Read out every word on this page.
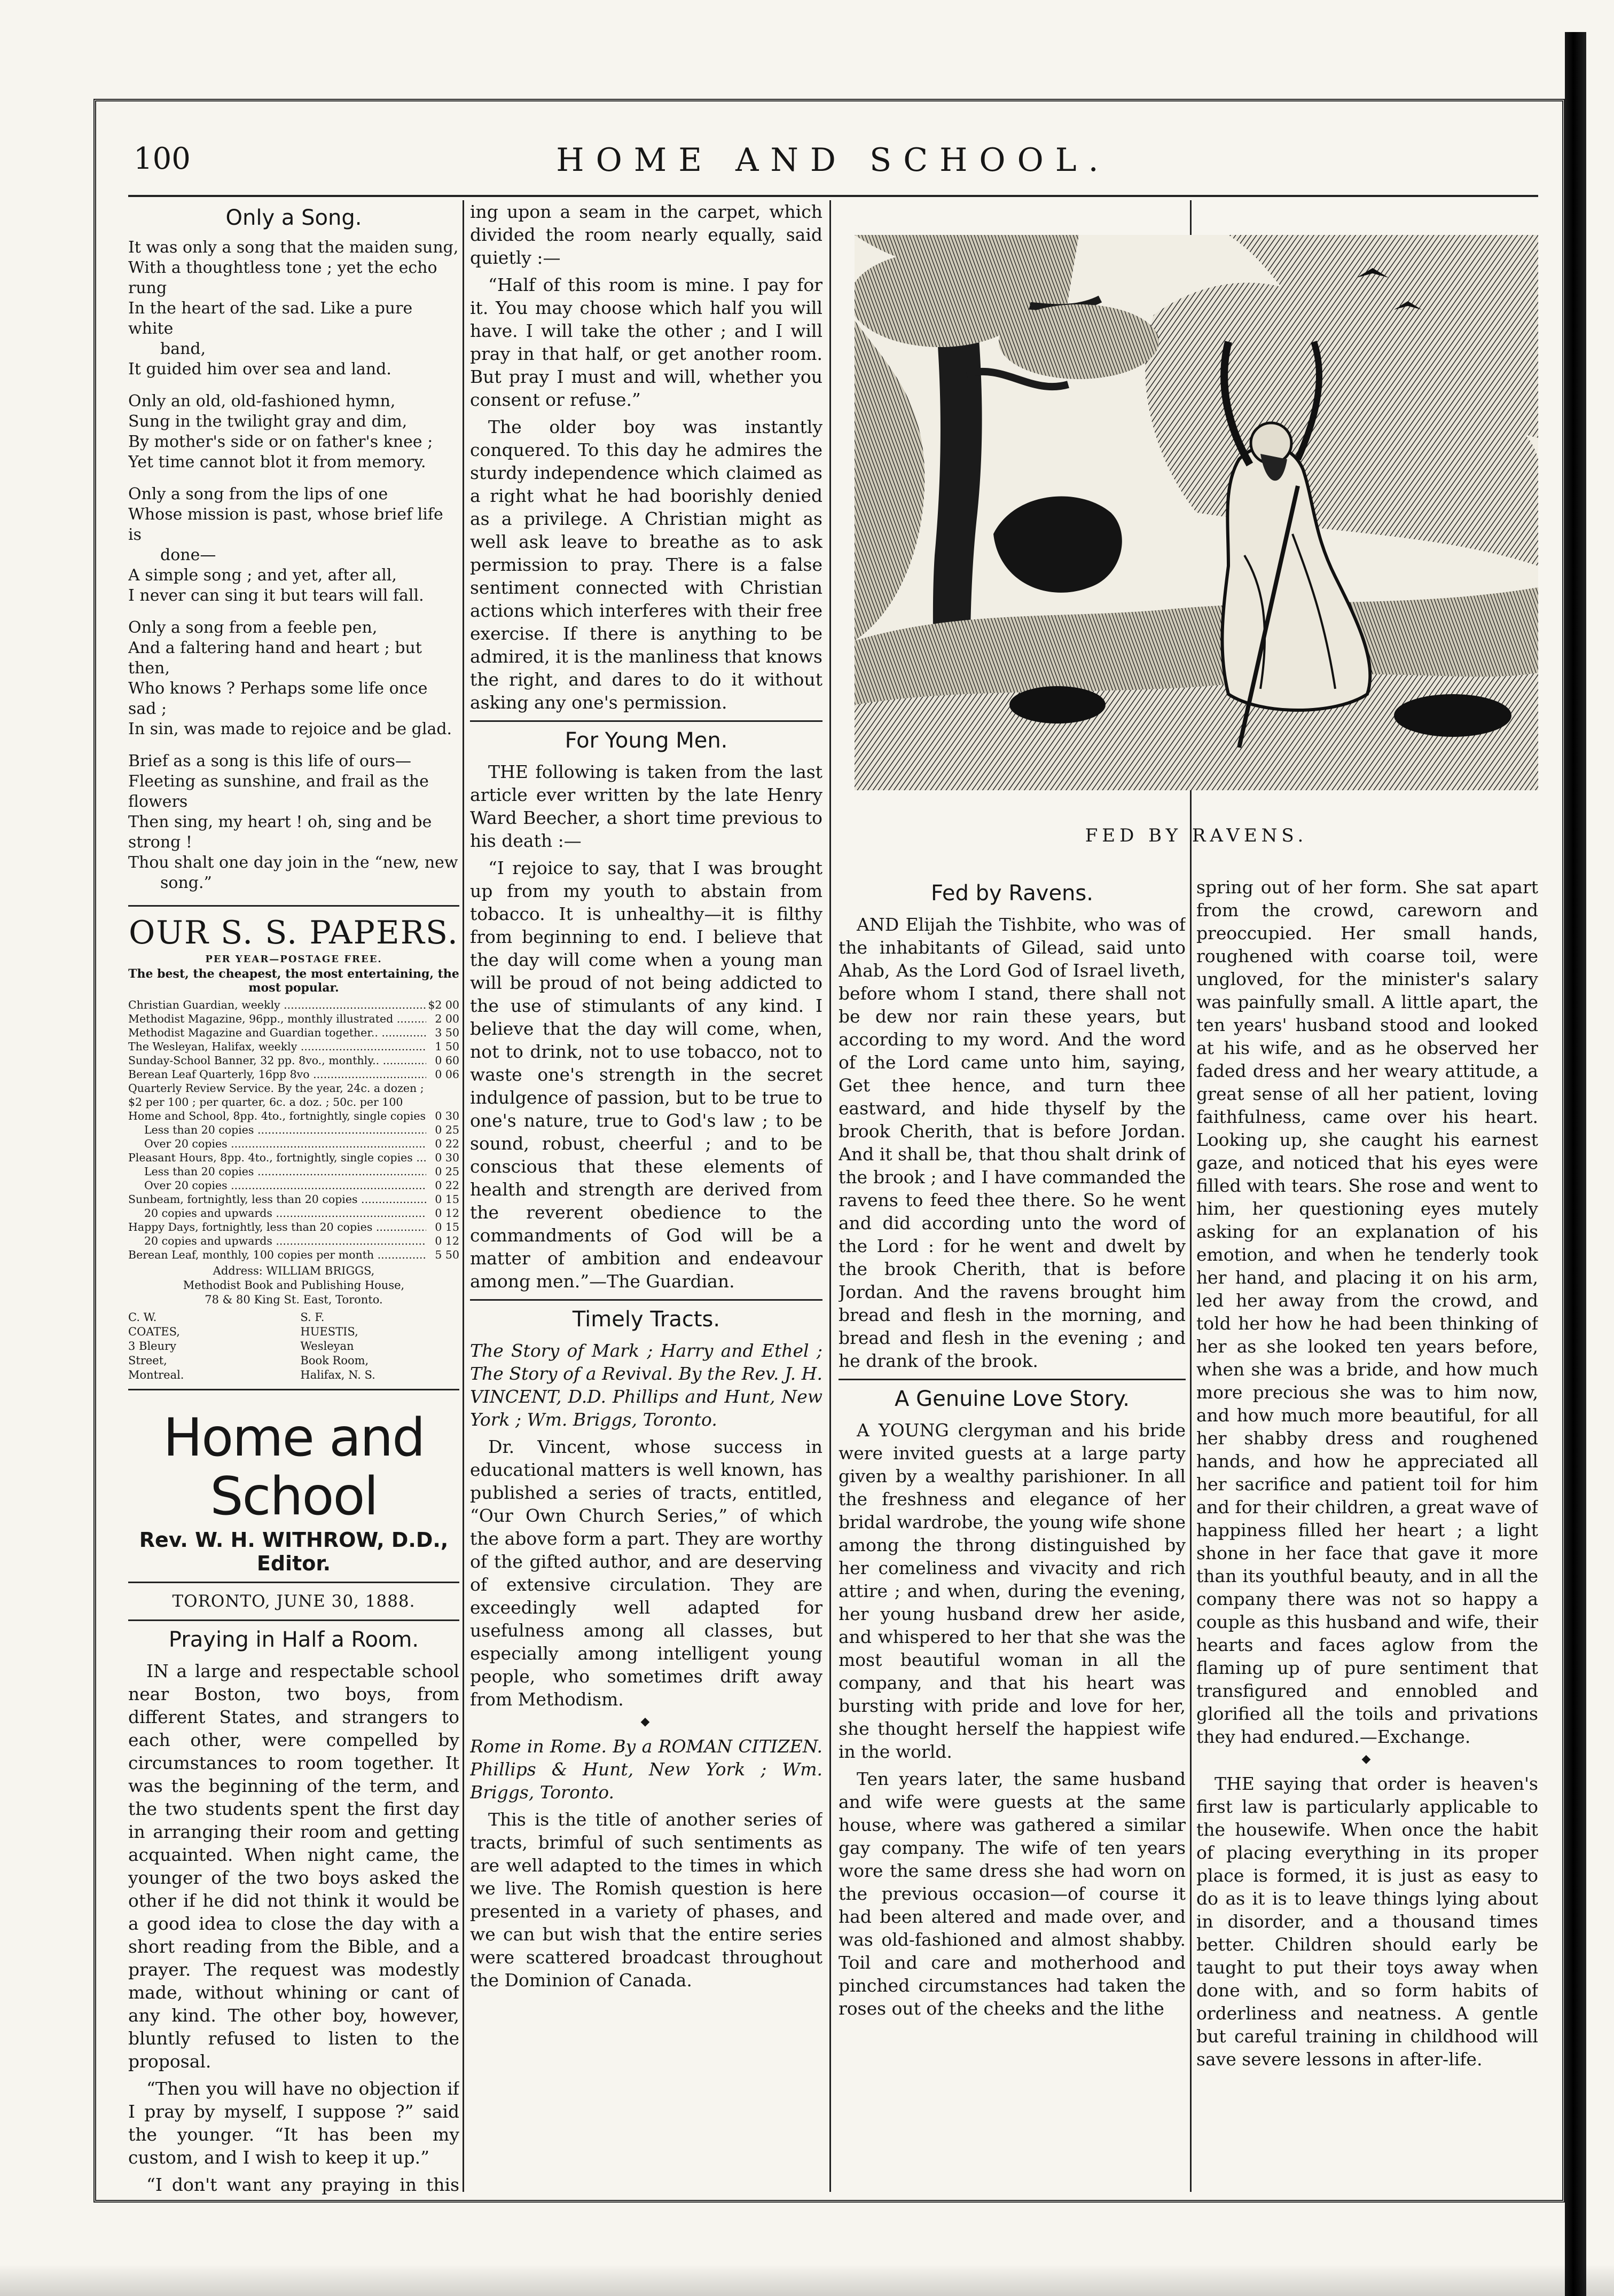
100	HOME AND SCHOOL.
Only a Song.
It was only a song that the maiden sung,
With a thoughtless tone ; yet the echo rung
In the heart of the sad. Like a pure white
band,
It guided him over sea and land.
Only an old, old-fashioned hymn,
Sung in the twilight gray and dim,
By mother's side or on father's knee ;
Yet time cannot blot it from memory.
Only a song from the lips of one
Whose mission is past, whose brief life is
done—
A simple song ; and yet, after all,
I never can sing it but tears will fall.
Only a song from a feeble pen,
And a faltering hand and heart ; but then,
Who knows ? Perhaps some life once sad ;
In sin, was made to rejoice and be glad.
Brief as a song is this life of ours—
Fleeting as sunshine, and frail as the flowers
Then sing, my heart ! oh, sing and be strong !
Thou shalt one day join in the “new, new
song.”
OUR S. S. PAPERS.
PER YEAR—POSTAGE FREE.
The best, the cheapest, the most entertaining, the most popular.
Christian Guardian, weekly .....	$2 00
Methodist Magazine, 96pp., monthly illustrated .....	2 00
Methodist Magazine and Guardian together.. .....	3 50
The Wesleyan, Halifax, weekly .....	1 50
Sunday-School Banner, 32 pp. 8vo., monthly.. .....	0 60
Berean Leaf Quarterly, 16pp 8vo .....	0 06
Quarterly Review Service. By the year, 24c. a dozen ; $2 per 100 ; per quarter, 6c. a doz. ; 50c. per 100
Home and School, 8pp. 4to., fortnightly, single copies ..... 0 30
Less than 20 copies .....	0 25
Over 20 copies .....	0 22
Pleasant Hours, 8pp. 4to., fortnightly, single copies .....	0 30
Less than 20 copies .....	0 25
Over 20 copies .....	0 22
Sunbeam, fortnightly, less than 20 copies .....	0 15
20 copies and upwards .....	0 12
Happy Days, fortnightly, less than 20 copies .....	0 15
20 copies and upwards .....	0 12
Berean Leaf, monthly, 100 copies per month .....	5 50
Address: WILLIAM BRIGGS,
Methodist Book and Publishing House,
78 & 80 King St. East, Toronto.
C. W. COATES,
3 Bleury Street,
Montreal.
S. F. HUESTIS,
Wesleyan Book Room,
Halifax, N. S.
Home and School
Rev. W. H. WITHROW, D.D., Editor.
TORONTO, JUNE 30, 1888.
Praying in Half a Room.

IN a large and respectable school near Boston, two boys, from different States, and strangers to each other, were compelled by circumstances to room together. It was the beginning of the term, and the two students spent the first day in arranging their room and getting acquainted. When night came, the younger of the two boys asked the other if he did not think it would be a good idea to close the day with a short reading from the Bible, and a prayer. The request was modestly made, without whining or cant of any kind. The other boy, however, bluntly refused to listen to the proposal.

“Then you will have no objection if I pray by myself, I suppose ?” said the younger. “It has been my custom, and I wish to keep it up.”

“I don't want any praying in this

ing upon a seam in the carpet, which divided the room nearly equally, said quietly :—

“Half of this room is mine. I pay for it. You may choose which half you will have. I will take the other ; and I will pray in that half, or get another room. But pray I must and will, whether you consent or refuse.”

The older boy was instantly conquered. To this day he admires the sturdy independence which claimed as a right what he had boorishly denied as a privilege. A Christian might as well ask leave to breathe as to ask permission to pray. There is a false sentiment connected with Christian actions which interferes with their free exercise. If there is anything to be admired, it is the manliness that knows the right, and dares to do it without asking any one's permission.

For Young Men.

THE following is taken from the last article ever written by the late Henry Ward Beecher, a short time previous to his death :—

“I rejoice to say, that I was brought up from my youth to abstain from tobacco. It is unhealthy—it is filthy from beginning to end. I believe that the day will come when a young man will be proud of not being addicted to the use of stimulants of any kind. I believe that the day will come, when, not to drink, not to use tobacco, not to waste one's strength in the secret indulgence of passion, but to be true to one's nature, true to God's law ; to be sound, robust, cheerful ; and to be conscious that these elements of health and strength are derived from the reverent obedience to the commandments of God will be a matter of ambition and endeavour among men.”—The Guardian.

Timely Tracts.

The Story of Mark ; Harry and Ethel ; The Story of a Revival. By the Rev. J. H. VINCENT, D.D. Phillips and Hunt, New York ; Wm. Briggs, Toronto.

Dr. Vincent, whose success in educational matters is well known, has published a series of tracts, entitled, “Our Own Church Series,” of which the above form a part. They are worthy of the gifted author, and are deserving of extensive circulation. They are exceedingly well adapted for usefulness among all classes, but especially among intelligent young people, who sometimes drift away from Methodism.

◆

Rome in Rome. By a ROMAN CITIZEN. Phillips & Hunt, New York ; Wm. Briggs, Toronto.

This is the title of another series of tracts, brimful of such sentiments as are well adapted to the times in which we live. The Romish question is here presented in a variety of phases, and we can but wish that the entire series were scattered broadcast throughout the Dominion of Canada.

FED BY RAVENS.
Fed by Ravens.

AND Elijah the Tishbite, who was of the inhabitants of Gilead, said unto Ahab, As the Lord God of Israel liveth, before whom I stand, there shall not be dew nor rain these years, but according to my word. And the word of the Lord came unto him, saying, Get thee hence, and turn thee eastward, and hide thyself by the brook Cherith, that is before Jordan. And it shall be, that thou shalt drink of the brook ; and I have commanded the ravens to feed thee there. So he went and did according unto the word of the Lord : for he went and dwelt by the brook Cherith, that is before Jordan. And the ravens brought him bread and flesh in the morning, and bread and flesh in the evening ; and he drank of the brook.

A Genuine Love Story.

A YOUNG clergyman and his bride were invited guests at a large party given by a wealthy parishioner. In all the freshness and elegance of her bridal wardrobe, the young wife shone among the throng distinguished by her comeliness and vivacity and rich attire ; and when, during the evening, her young husband drew her aside, and whispered to her that she was the most beautiful woman in all the company, and that his heart was bursting with pride and love for her, she thought herself the happiest wife in the world.

Ten years later, the same husband and wife were guests at the same house, where was gathered a similar gay company. The wife of ten years wore the same dress she had worn on the previous occasion—of course it had been altered and made over, and was old-fashioned and almost shabby. Toil and care and motherhood and pinched circumstances had taken the roses out of the cheeks and the lithe

spring out of her form. She sat apart from the crowd, careworn and preoccupied. Her small hands, roughened with coarse toil, were ungloved, for the minister's salary was painfully small. A little apart, the ten years' husband stood and looked at his wife, and as he observed her faded dress and her weary attitude, a great sense of all her patient, loving faithfulness, came over his heart. Looking up, she caught his earnest gaze, and noticed that his eyes were filled with tears. She rose and went to him, her questioning eyes mutely asking for an explanation of his emotion, and when he tenderly took her hand, and placing it on his arm, led her away from the crowd, and told her how he had been thinking of her as she looked ten years before, when she was a bride, and how much more precious she was to him now, and how much more beautiful, for all her shabby dress and roughened hands, and how he appreciated all her sacrifice and patient toil for him and for their children, a great wave of happiness filled her heart ; a light shone in her face that gave it more than its youthful beauty, and in all the company there was not so happy a couple as this husband and wife, their hearts and faces aglow from the flaming up of pure sentiment that transfigured and ennobled and glorified all the toils and privations they had endured.—Exchange.

◆

THE saying that order is heaven's first law is particularly applicable to the housewife. When once the habit of placing everything in its proper place is formed, it is just as easy to do as it is to leave things lying about in disorder, and a thousand times better. Children should early be taught to put their toys away when done with, and so form habits of orderliness and neatness. A gentle but careful training in childhood will save severe lessons in after-life.
